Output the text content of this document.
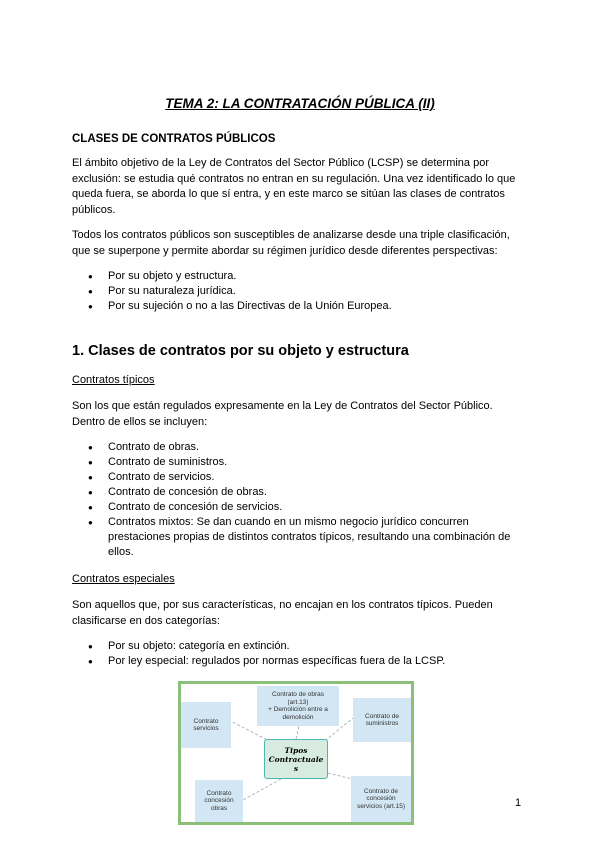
TEMA 2: LA CONTRATACIÓN PÚBLICA (II)
CLASES DE CONTRATOS PÚBLICOS
El ámbito objetivo de la Ley de Contratos del Sector Público (LCSP) se determina por
exclusión: se estudia qué contratos no entran en su regulación. Una vez identificado lo que
queda fuera, se aborda lo que sí entra, y en este marco se sitúan las clases de contratos
públicos.
Todos los contratos públicos son susceptibles de analizarse desde una triple clasificación,
que se superpone y permite abordar su régimen jurídico desde diferentes perspectivas:
● Por su objeto y estructura.
● Por su naturaleza jurídica.
● Por su sujeción o no a las Directivas de la Unión Europea.
1. Clases de contratos por su objeto y estructura
Contratos típicos
Son los que están regulados expresamente en la Ley de Contratos del Sector Público.
Dentro de ellos se incluyen:
● Contrato de obras.
● Contrato de suministros.
● Contrato de servicios.
● Contrato de concesión de obras.
● Contrato de concesión de servicios.
● Contratos mixtos: Se dan cuando en un mismo negocio jurídico concurren
prestaciones propias de distintos contratos típicos, resultando una combinación de
ellos.
Contratos especiales
Son aquellos que, por sus características, no encajan en los contratos típicos. Pueden
clasificarse en dos categorías:
● Por su objeto: categoría en extinción.
● Por ley especial: regulados por normas específicas fuera de la LCSP.
Contrato
servicios
Contrato de obras
(art.13)
+ Demolición entre a
demolición	Contrato de
suministros
Tipos
Contractuale
s
Contrato
concesión
obras
Contrato de
concesión
servicios (art.15)	1
